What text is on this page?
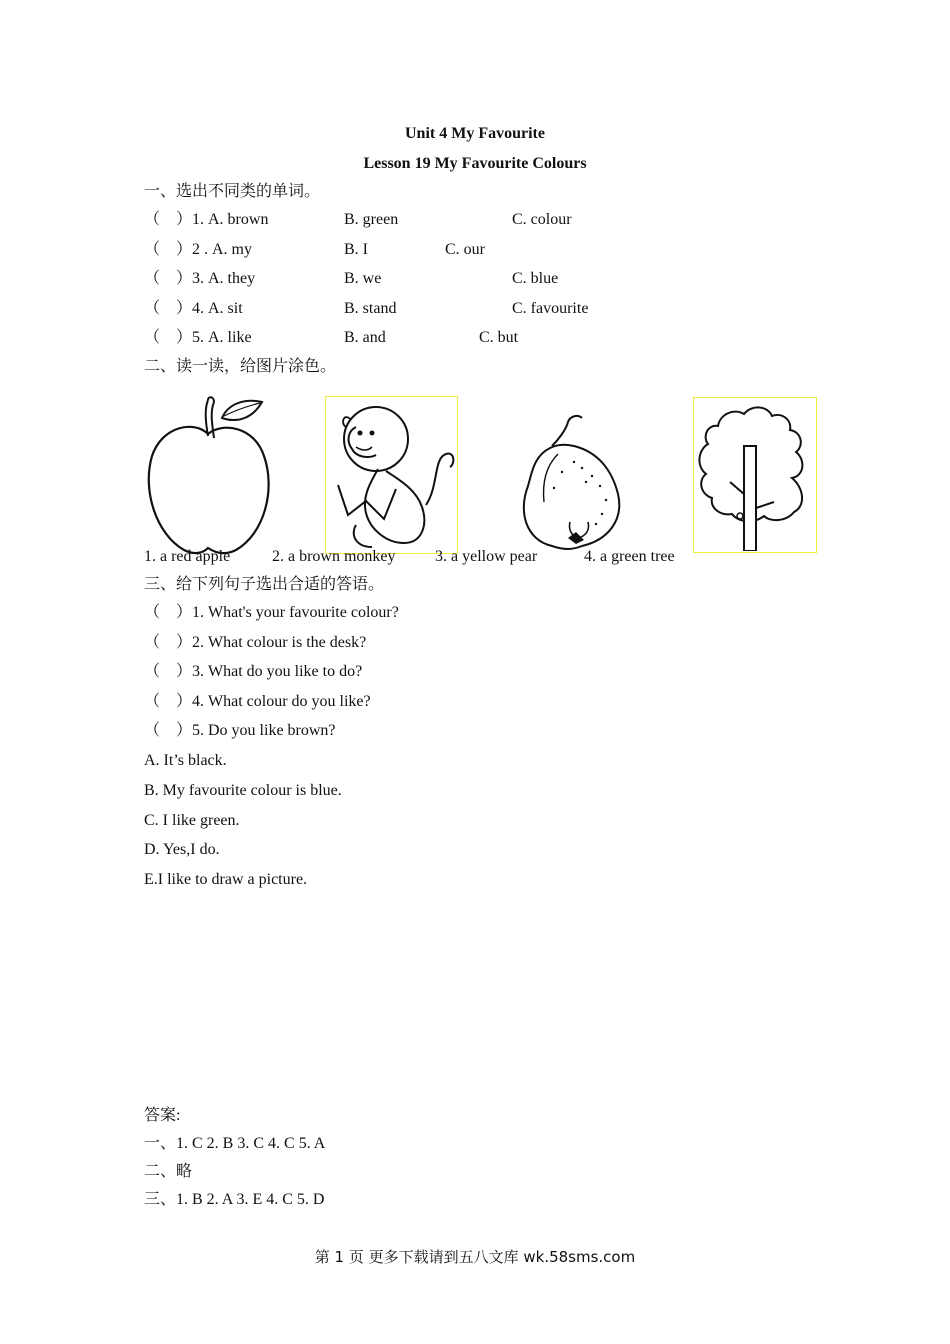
Unit 4 My Favourite
Lesson 19 My Favourite Colours
一、选出不同类的单词。
（　）1. A. brown	B. green	C. colour
（　）2 . A. my	B. I	C. our
（　）3. A. they	B. we	C. blue
（　）4. A. sit	B. stand	C. favourite
（　）5. A. like	B. and	C. but
二、读一读，给图片涂色。
1. a red apple	2. a brown monkey 3. a yellow pear	4. a green tree
三、给下列句子选出合适的答语。
（　）1. What's your favourite colour?
（　）2. What colour is the desk?
（　）3. What do you like to do?
（　）4. What colour do you like?
（　）5. Do you like brown?
A. It’s black.
B. My favourite colour is blue.
C. I like green.
D. Yes,I do.
E.I like to draw a picture.
答案:
一、1. C 2. B 3. C 4. C 5. A
二、略
三、1. B 2. A 3. E 4. C 5. D
第 1 页 更多下载请到五八文库 wk.58sms.com
